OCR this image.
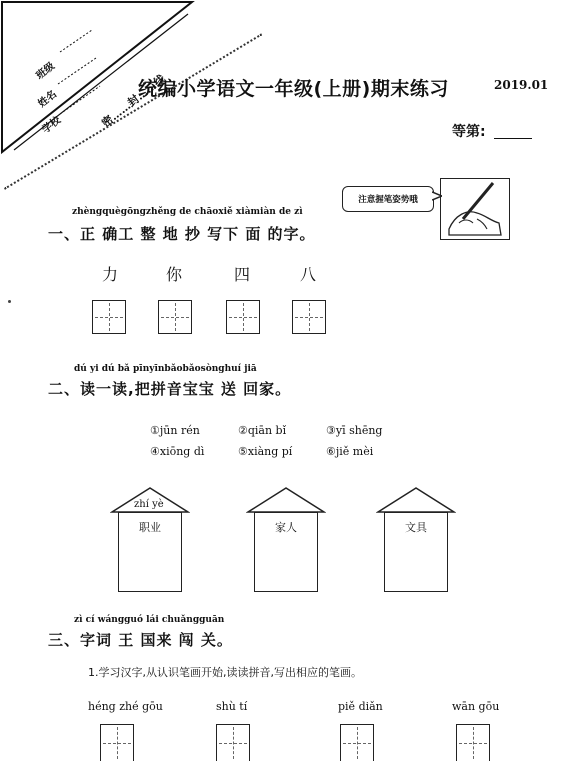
班级
姓名
学校	密……封……线
统编小学语文一年级(上册)期末练习	2019.01
等第:
注意握笔姿势哦
zhèngquègōngzhěng de chāoxiě xiàmiàn de zì
一、正 确工 整 地 抄 写下 面 的字。
力	你	四	八
dú yi dú bǎ pīnyīnbǎobǎosònghuí jiā
二、读一读,把拼音宝宝 送 回家。
①jūn rén	②qiān bǐ	③yī shēng
④xiōng dì	⑤xiàng pí	⑥jiě mèi
zhí yè
职业	家人	文具
zì cí wángguó lái chuǎngguān
三、字词 王 国来 闯 关。
1.学习汉字,从认识笔画开始,读读拼音,写出相应的笔画。
héng zhé gōu	shù tí	piě diǎn	wān gōu
